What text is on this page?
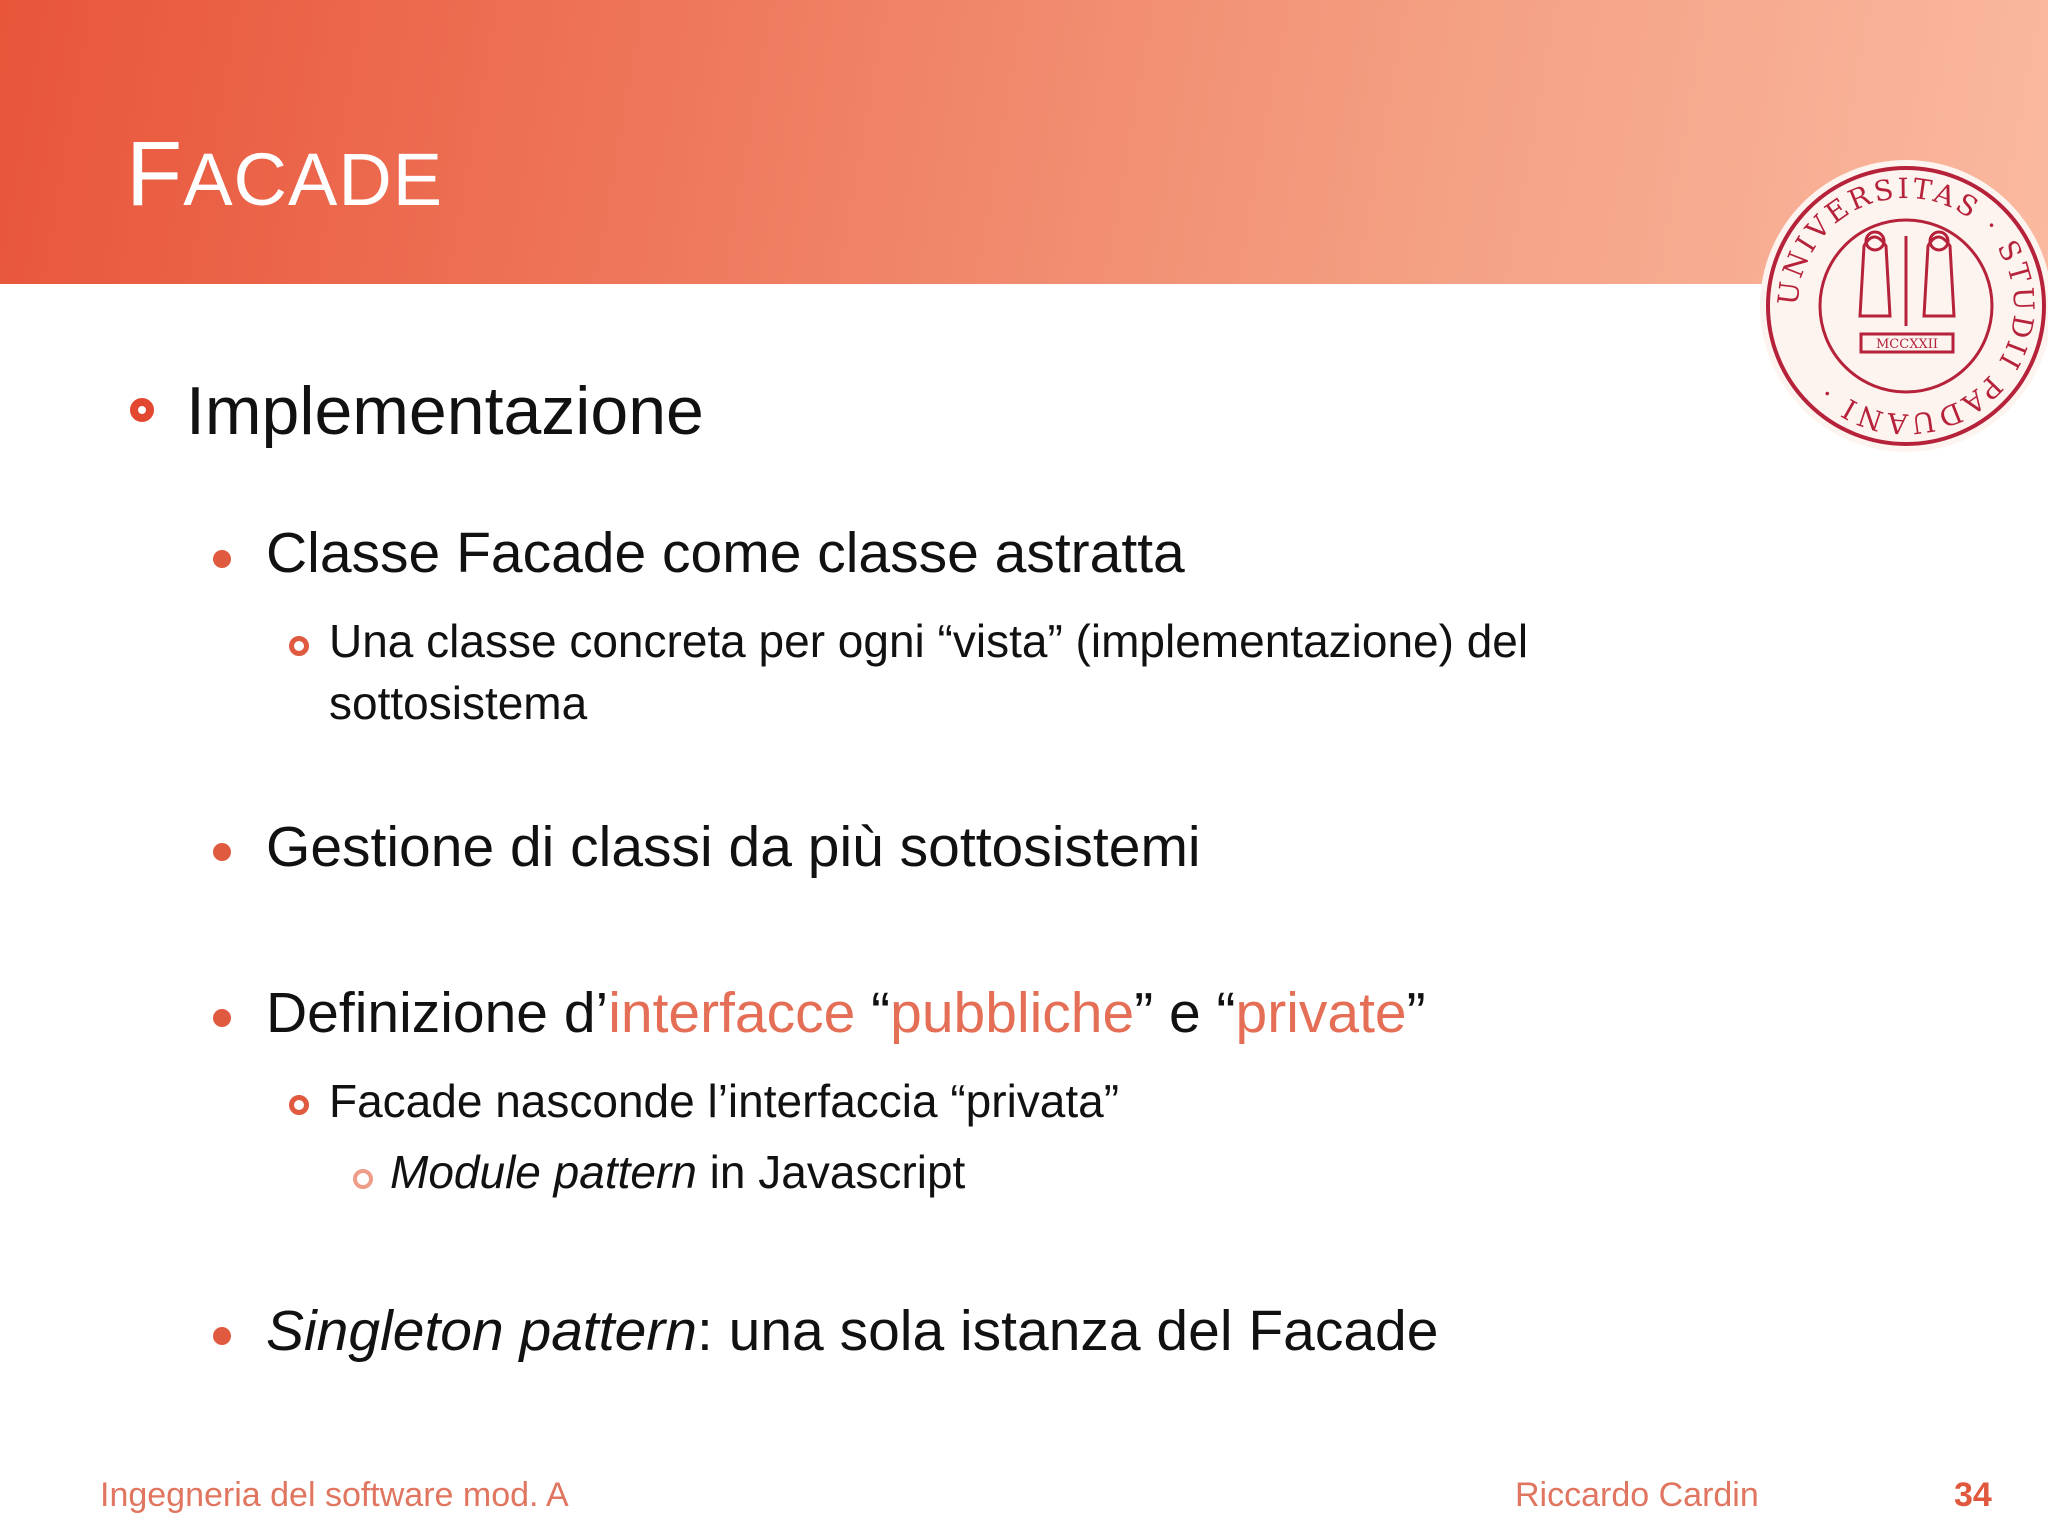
FACADE
UNIVERSITAS · STUDII PADUANI ·
MCCXXII
Implementazione
Classe Facade come classe astratta
Una classe concreta per ogni “vista” (implementazione) del
sottosistema
Gestione di classi da più sottosistemi
Definizione d’interfacce “pubbliche” e “private”
Facade nasconde l’interfaccia “privata”
Module pattern in Javascript
Singleton pattern: una sola istanza del Facade
Ingegneria del software mod. A	Riccardo Cardin	34
